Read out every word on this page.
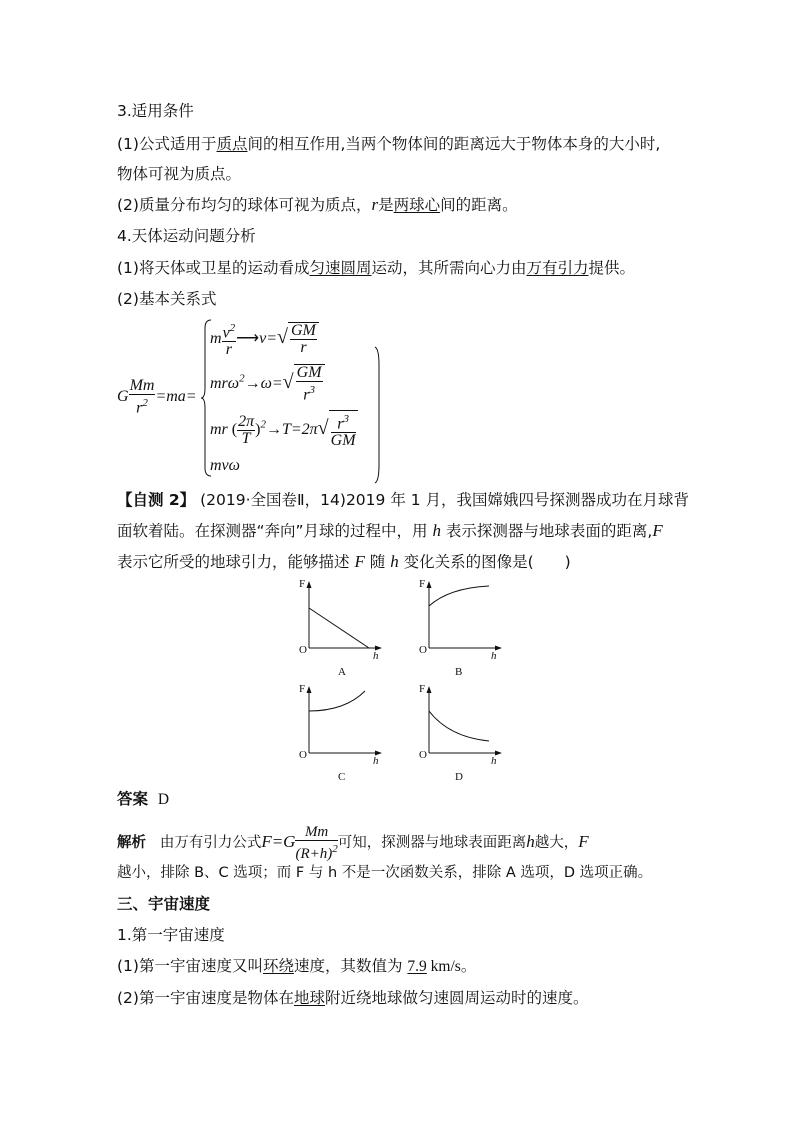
3.适用条件
(1)公式适用于质点间的相互作用,当两个物体间的距离远大于物体本身的大小时,
物体可视为质点。
(2)质量分布均匀的球体可视为质点，r是两球心间的距离。
4.天体运动问题分析
(1)将天体或卫星的运动看成匀速圆周运动，其所需向心力由万有引力提供。
(2)基本关系式
G $\frac{Mm}{r^2} =ma=$
m $\frac{v^2}{r}$ ⟶v=√ $\frac{GM}{r}$
$mr\omega^2\to\omega=√ \frac{GM}{r^3}$
mr ( $\frac{2\pi}{T} )^2\to T=2\pi√ \frac{r^3}{GM}$
mvω
【自测 2】 (2019·全国卷Ⅱ，14)2019 年 1 月，我国嫦娥四号探测器成功在月球背
面软着陆。在探测器“奔向”月球的过程中，用 h 表示探测器与地球表面的距离,F
表示它所受的地球引力，能够描述 F 随 h 变化关系的图像是(　　)
F
O	h
A
F
O	h
B
F
O	h
C
F
O	h
D
答案 D
解析 由万有引力公式$F=G \frac{Mm}{(R+h)^2}$ 可知，探测器与地球表面距离h越大，F
越小，排除 B、C 选项；而 F 与 h 不是一次函数关系，排除 A 选项，D 选项正确。
三、宇宙速度
1.第一宇宙速度
(1)第一宇宙速度又叫环绕速度，其数值为 7.9 km/s。
(2)第一宇宙速度是物体在地球附近绕地球做匀速圆周运动时的速度。
